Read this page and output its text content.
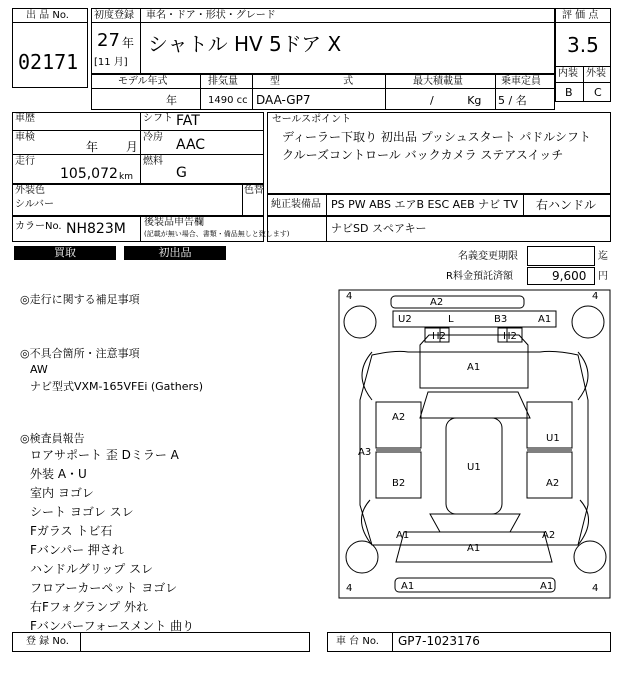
出 品 No.
02171
初度登録 車名・ドア・形状・グレード
27 年
[11 月]
シャトル HV 5ドア X
評 価 点
3.5
内装 外装
B C
モデル年式	排気量	型 式	最大積載量	乗車定員
年	1490 cc DAA-GP7	/ Kg 5 / 名
車歴
車検
年 月
走行
105,072 km
シフト FAT
冷房 AAC
燃料
G
セールスポイント
ディーラー下取り 初出品 プッシュスタート パドルシフト
クルーズコントロール バックカメラ ステアスイッチ
外装色
シルバー
色替
純正装備品 PS PW ABS エアB ESC AEB ナビ TV 右ハンドル
カラーNo. NH823M 後装品申告欄
(記載が無い場合、書類・備品無しと致します)	ナビSD スペアキー
買取	初出品	名義変更期限	迄
R料金預託済額	9,600 円
◎走行に関する補足事項
◎不具合箇所・注意事項
AW
ナビ型式VXM-165VFEi (Gathers)
◎検査員報告
ロアサポート 歪 Dミラー A
外装 A・U
室内 ヨゴレ
シート ヨゴレ スレ
Fガラス トビ石
Fバンパー 押され
ハンドルグリップ スレ
フロアーカーペット ヨゴレ
右Fフォグランプ 外れ
Fバンパーフォースメント 曲り
4	4
4	4
A2
U2	L	B3	A1
H2	H2
A1
A2
U1
A3
B2
U1
A2
A1	A2
A1
A1	A1
登 録 No.	車 台 No. GP7-1023176
